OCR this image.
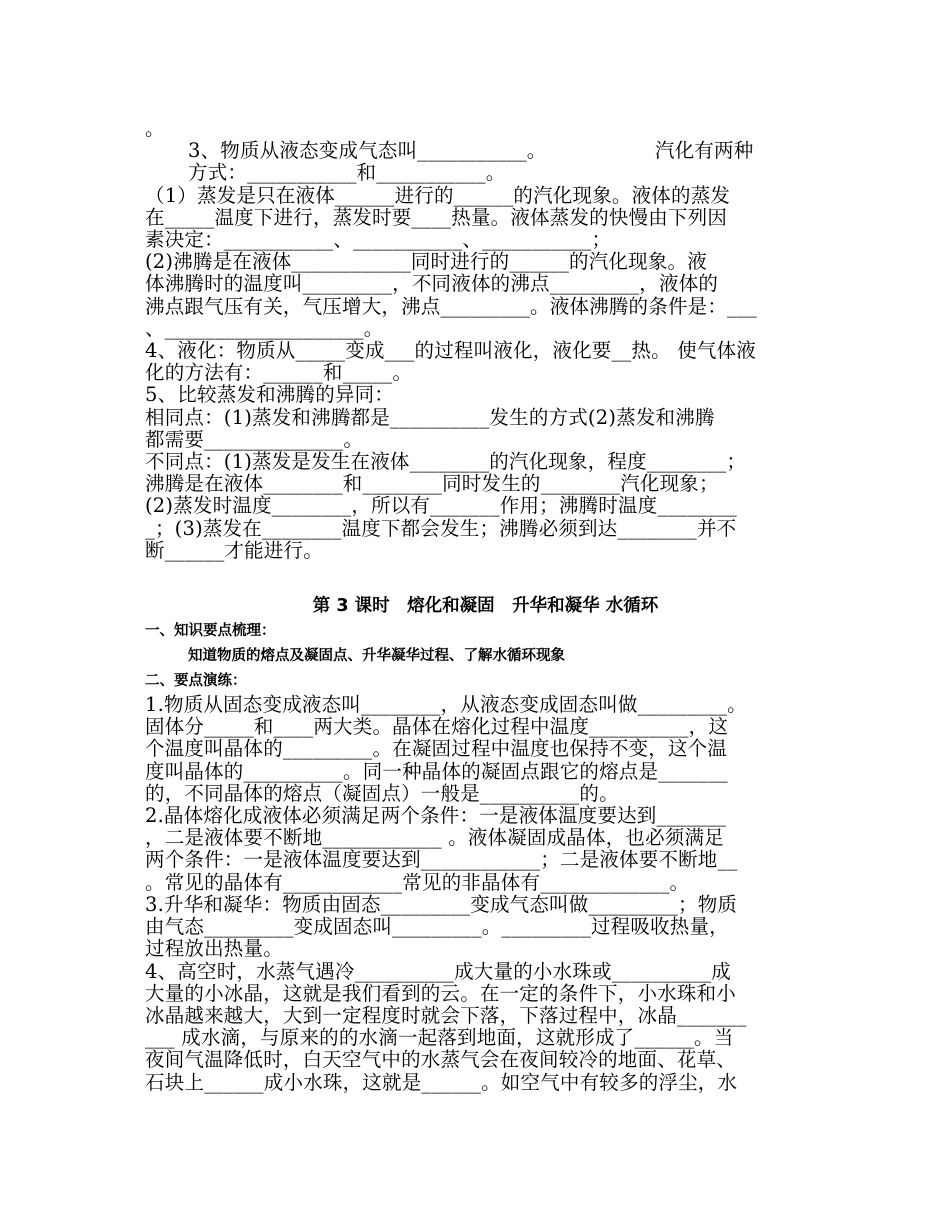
。
3、物质从液态变成气态叫___________。　　　　　　汽化有两种
方式：___________和___________。
（1）蒸发是只在液体______进行的______的汽化现象。液体的蒸发
在_____温度下进行，蒸发时要____热量。液体蒸发的快慢由下列因
素决定：___________、___________、___________；
(2)沸腾是在液体____________同时进行的______的汽化现象。液
体沸腾时的温度叫_________，不同液体的沸点_________，液体的
沸点跟气压有关，气压增大，沸点_________。液体沸腾的条件是：___
、____________________。
4、液化：物质从_____变成___的过程叫液化，液化要__热。 使气体液
化的方法有：______和_____。
5、比较蒸发和沸腾的异同：
相同点：(1)蒸发和沸腾都是__________发生的方式(2)蒸发和沸腾
都需要______________。
不同点：(1)蒸发是发生在液体________的汽化现象，程度________；
沸腾是在液体________和________同时发生的________汽化现象；
(2)蒸发时温度________，所以有_______作用；沸腾时温度________
_；(3)蒸发在________温度下都会发生；沸腾必须到达________并不
断______才能进行。
第 3 课时　熔化和凝固　升华和凝华 水循环
一、知识要点梳理：
知道物质的熔点及凝固点、升华凝华过程、了解水循环现象
二、要点演练：
1.物质从固态变成液态叫________，从液态变成固态叫做_________。
固体分_____和____两大类。晶体在熔化过程中温度__________，这
个温度叫晶体的_________。在凝固过程中温度也保持不变，这个温
度叫晶体的__________。同一种晶体的凝固点跟它的熔点是_______
的，不同晶体的熔点（凝固点）一般是__________的。
2.晶体熔化成液体必须满足两个条件：一是液体温度要达到_______
，二是液体要不断地____________ 。液体凝固成晶体，也必须满足
两个条件：一是液体温度要达到____________；二是液体要不断地__
。常见的晶体有____________常见的非晶体有_____________。
3.升华和凝华：物质由固态_________变成气态叫做_________；物质
由气态_________变成固态叫_________。_________过程吸收热量，
过程放出热量。
4、高空时，水蒸气遇冷__________成大量的小水珠或__________成
大量的小冰晶，这就是我们看到的云。在一定的条件下，小水珠和小
冰晶越来越大，大到一定程度时就会下落，下落过程中，冰晶_______
___ 成水滴，与原来的的水滴一起落到地面，这就形成了______。当
夜间气温降低时，白天空气中的水蒸气会在夜间较冷的地面、花草、
石块上______成小水珠，这就是______。如空气中有较多的浮尘，水
